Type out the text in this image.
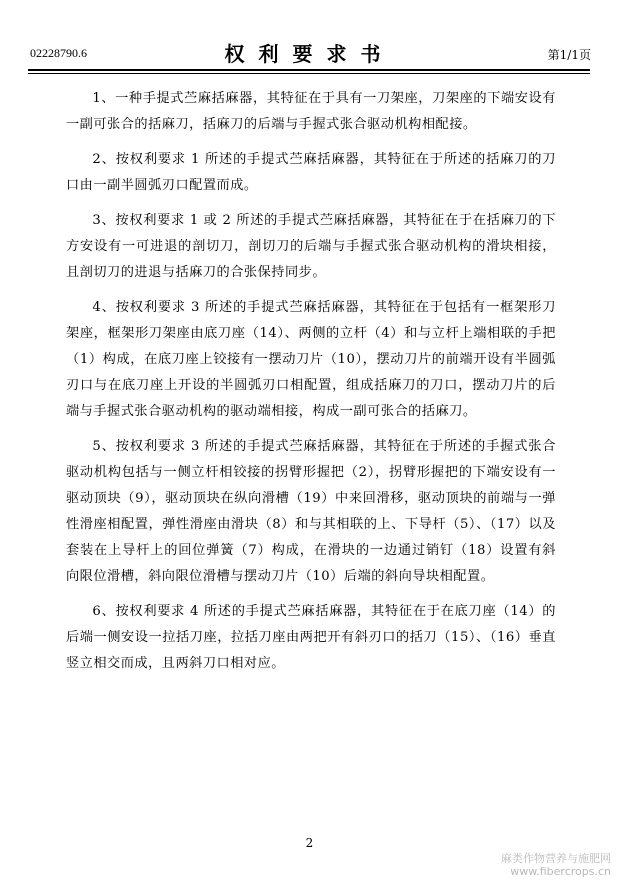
02228790.6	权利要求书	第1/1页

1、一种手提式苎麻括麻器，其特征在于具有一刀架座，刀架座的下端安设有一副可张合的括麻刀，括麻刀的后端与手握式张合驱动机构相配接。

2、按权利要求 1 所述的手提式苎麻括麻器，其特征在于所述的括麻刀的刀口由一副半圆弧刃口配置而成。

3、按权利要求 1 或 2 所述的手提式苎麻括麻器，其特征在于在括麻刀的下方安设有一可进退的剖切刀，剖切刀的后端与手握式张合驱动机构的滑块相接，且剖切刀的进退与括麻刀的合张保持同步。

4、按权利要求 3 所述的手提式苎麻括麻器，其特征在于包括有一框架形刀架座，框架形刀架座由底刀座（14）、两侧的立杆（4）和与立杆上端相联的手把（1）构成，在底刀座上铰接有一摆动刀片（10），摆动刀片的前端开设有半圆弧刃口与在底刀座上开设的半圆弧刃口相配置，组成括麻刀的刀口，摆动刀片的后端与手握式张合驱动机构的驱动端相接，构成一副可张合的括麻刀。

5、按权利要求 3 所述的手提式苎麻括麻器，其特征在于所述的手握式张合驱动机构包括与一侧立杆相铰接的拐臂形握把（2），拐臂形握把的下端安设有一驱动顶块（9），驱动顶块在纵向滑槽（19）中来回滑移，驱动顶块的前端与一弹性滑座相配置，弹性滑座由滑块（8）和与其相联的上、下导杆（5）、（17）以及套装在上导杆上的回位弹簧（7）构成，在滑块的一边通过销钉（18）设置有斜向限位滑槽，斜向限位滑槽与摆动刀片（10）后端的斜向导块相配置。

6、按权利要求 4 所述的手提式苎麻括麻器，其特征在于在底刀座（14）的后端一侧安设一拉括刀座，拉括刀座由两把开有斜刃口的括刀（15）、（16）垂直竖立相交而成，且两斜刀口相对应。

2
麻类作物营养与施肥网
www.fibercrops.cn
